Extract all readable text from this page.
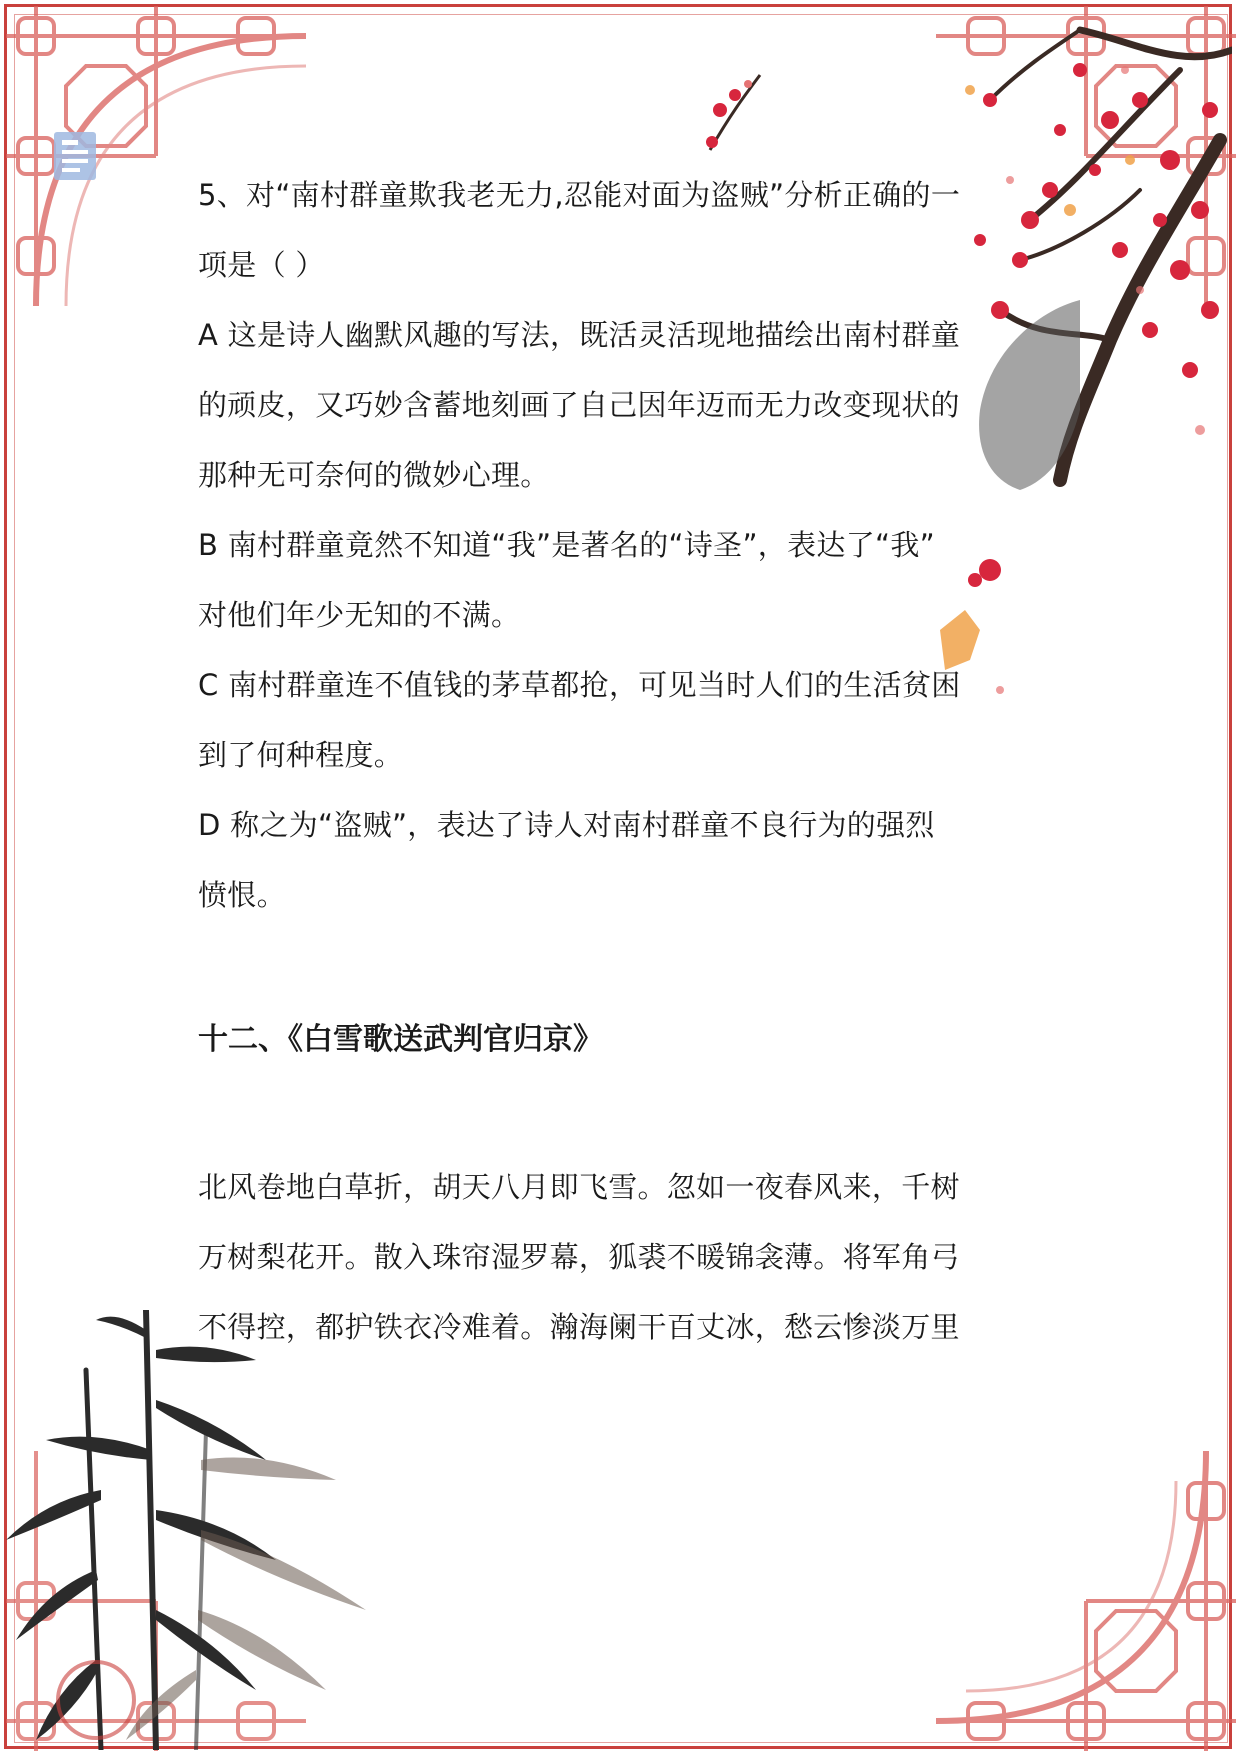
5、对“南村群童欺我老无力,忍能对面为盗贼”分析正确的一
项是（ ）
A 这是诗人幽默风趣的写法，既活灵活现地描绘出南村群童
的顽皮，又巧妙含蓄地刻画了自己因年迈而无力改变现状的
那种无可奈何的微妙心理。
B 南村群童竟然不知道“我”是著名的“诗圣”，表达了“我”
对他们年少无知的不满。
C 南村群童连不值钱的茅草都抢，可见当时人们的生活贫困
到了何种程度。
D 称之为“盗贼”，表达了诗人对南村群童不良行为的强烈
愤恨。
十二、《白雪歌送武判官归京》
北风卷地白草折，胡天八月即飞雪。忽如一夜春风来，千树
万树梨花开。散入珠帘湿罗幕，狐裘不暖锦衾薄。将军角弓
不得控，都护铁衣冷难着。瀚海阑干百丈冰，愁云惨淡万里
